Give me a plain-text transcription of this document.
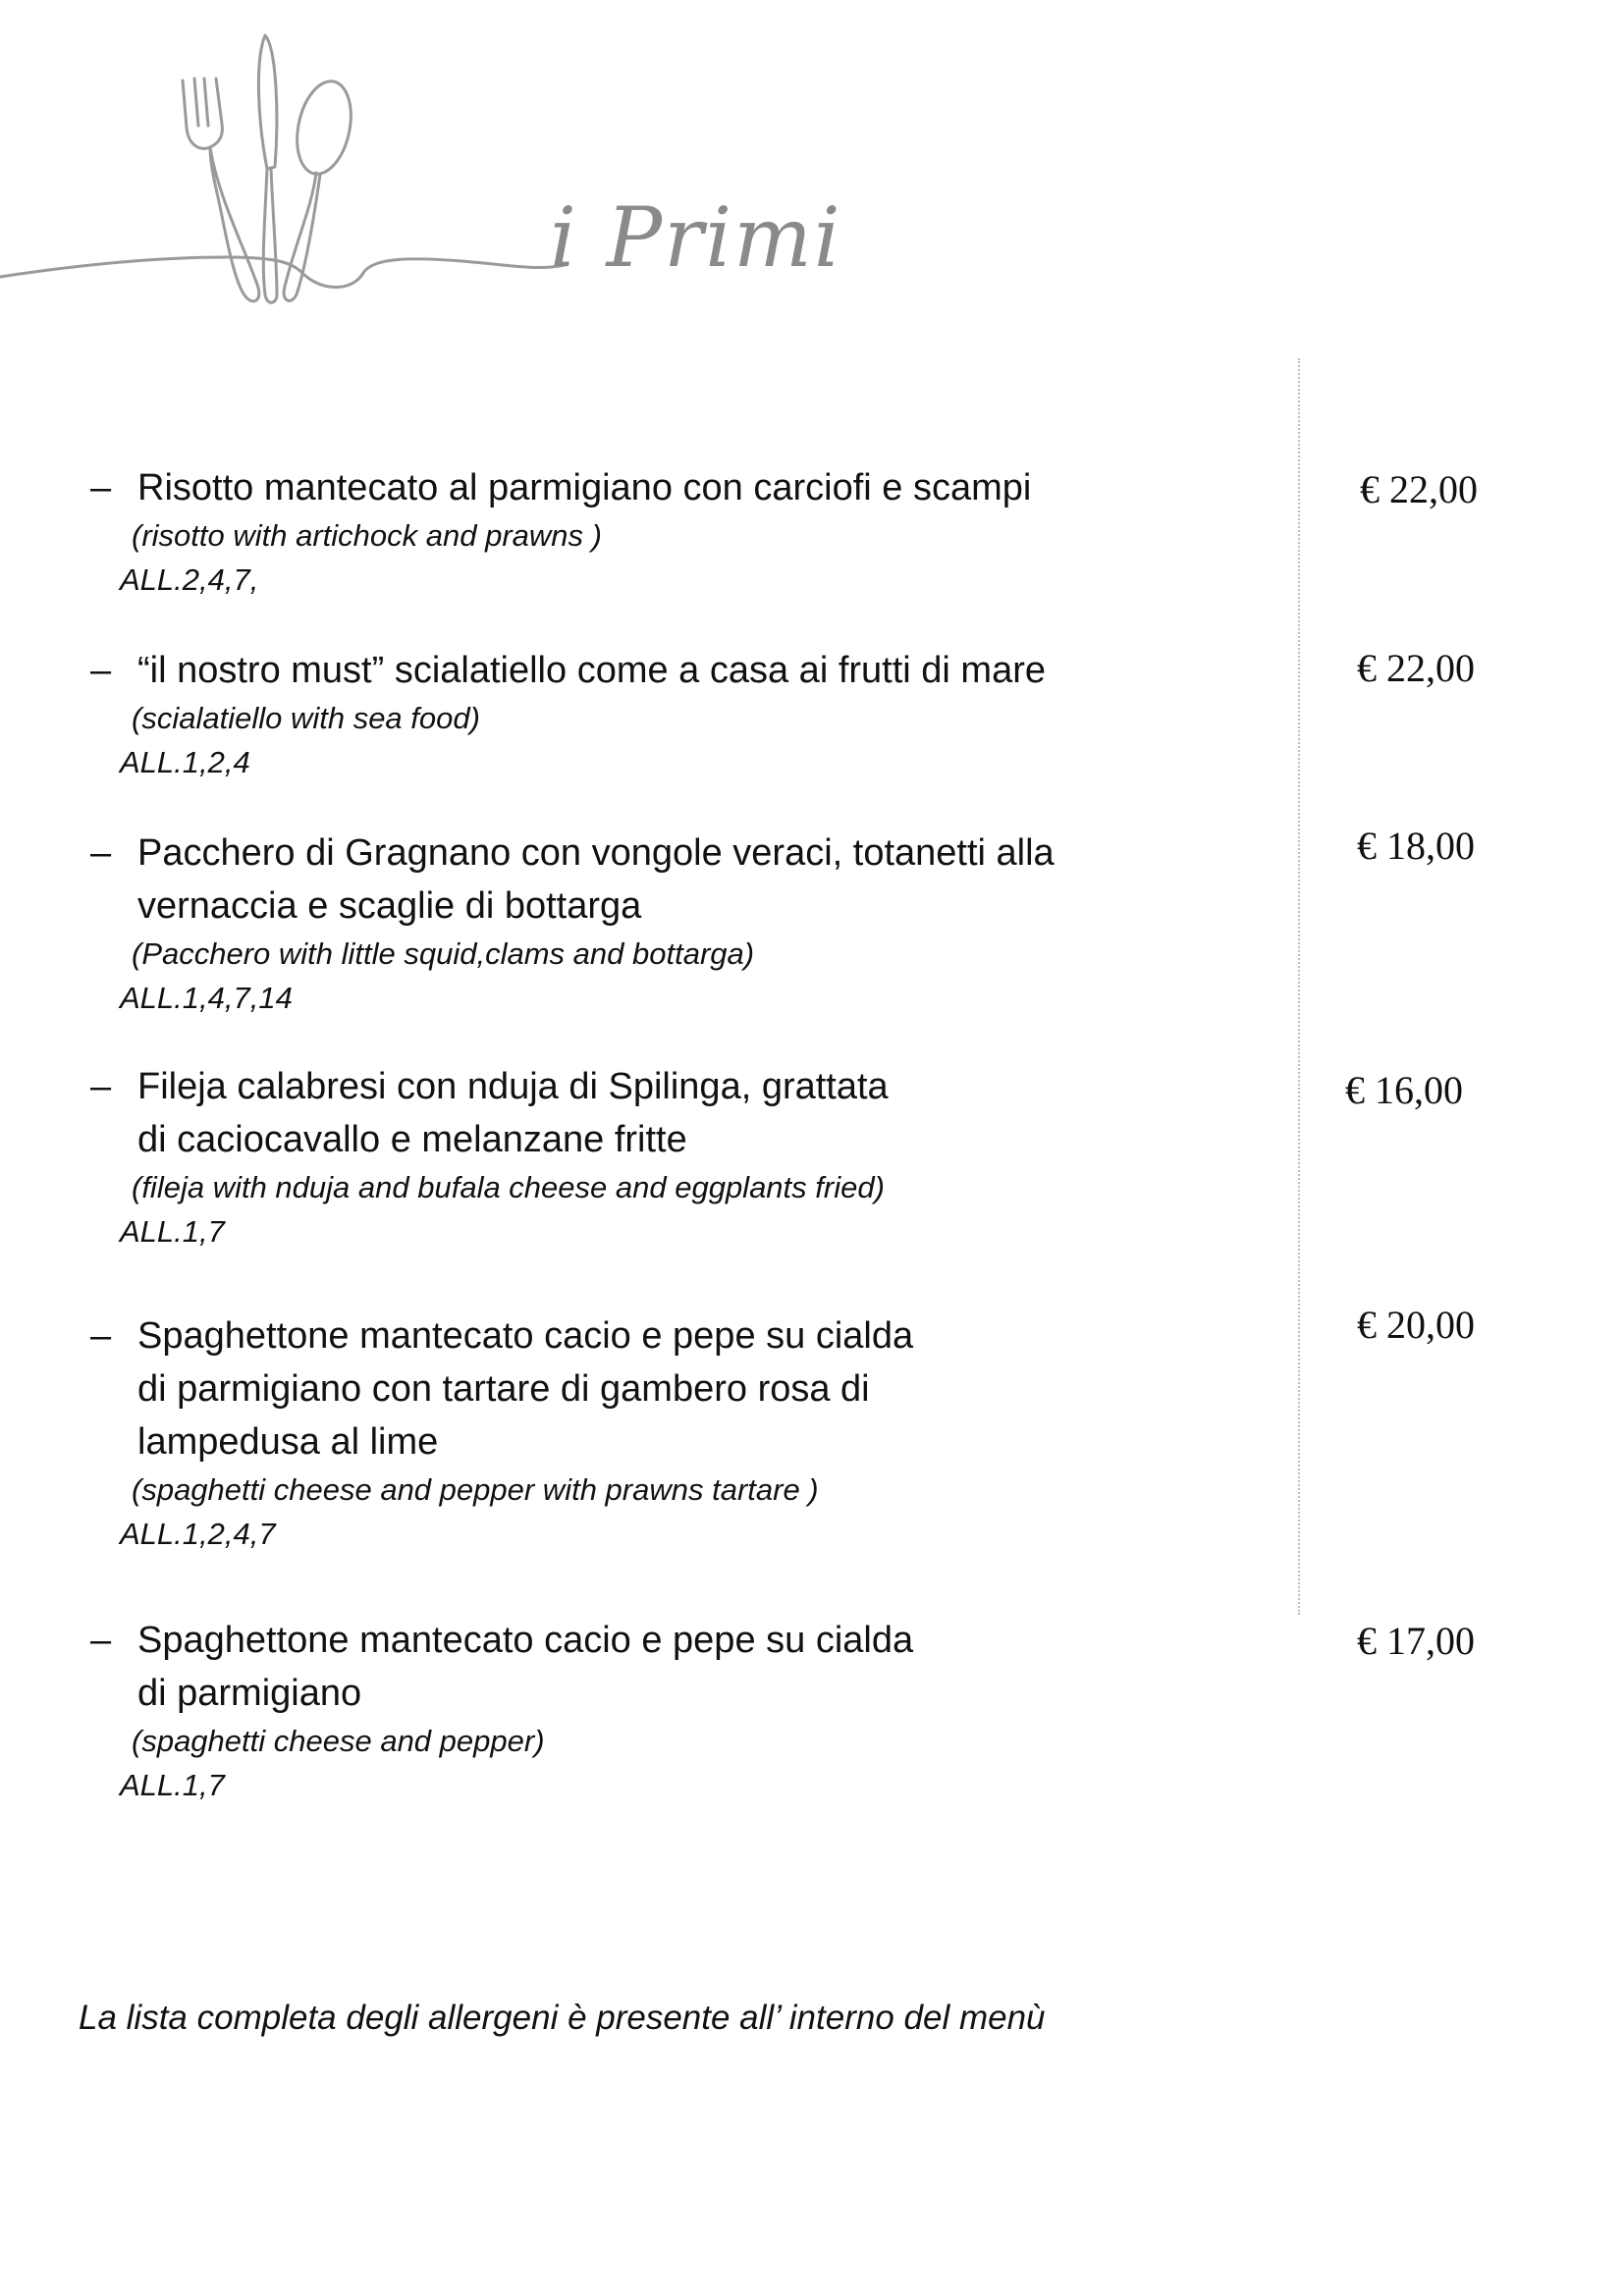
i Primi
– Risotto mantecato al parmigiano con carciofi e scampi
(risotto with artichock and prawns )
ALL.2,4,7,
€ 22,00
– “il nostro must” scialatiello come a casa ai frutti di mare
(scialatiello with sea food)
ALL.1,2,4
€ 22,00
– Pacchero di Gragnano con vongole veraci, totanetti alla
vernaccia e scaglie di bottarga
(Pacchero with little squid,clams and bottarga)
ALL.1,4,7,14
€ 18,00
– Fileja calabresi con nduja di Spilinga, grattata
di caciocavallo e melanzane fritte
(fileja with nduja and bufala cheese and eggplants fried)
ALL.1,7
€ 16,00
– Spaghettone mantecato cacio e pepe su cialda
di parmigiano con tartare di gambero rosa di
lampedusa al lime
(spaghetti cheese and pepper with prawns tartare )
ALL.1,2,4,7
€ 20,00
– Spaghettone mantecato cacio e pepe su cialda
di parmigiano
(spaghetti cheese and pepper)
ALL.1,7
€ 17,00
La lista completa degli allergeni è presente all’ interno del menù
